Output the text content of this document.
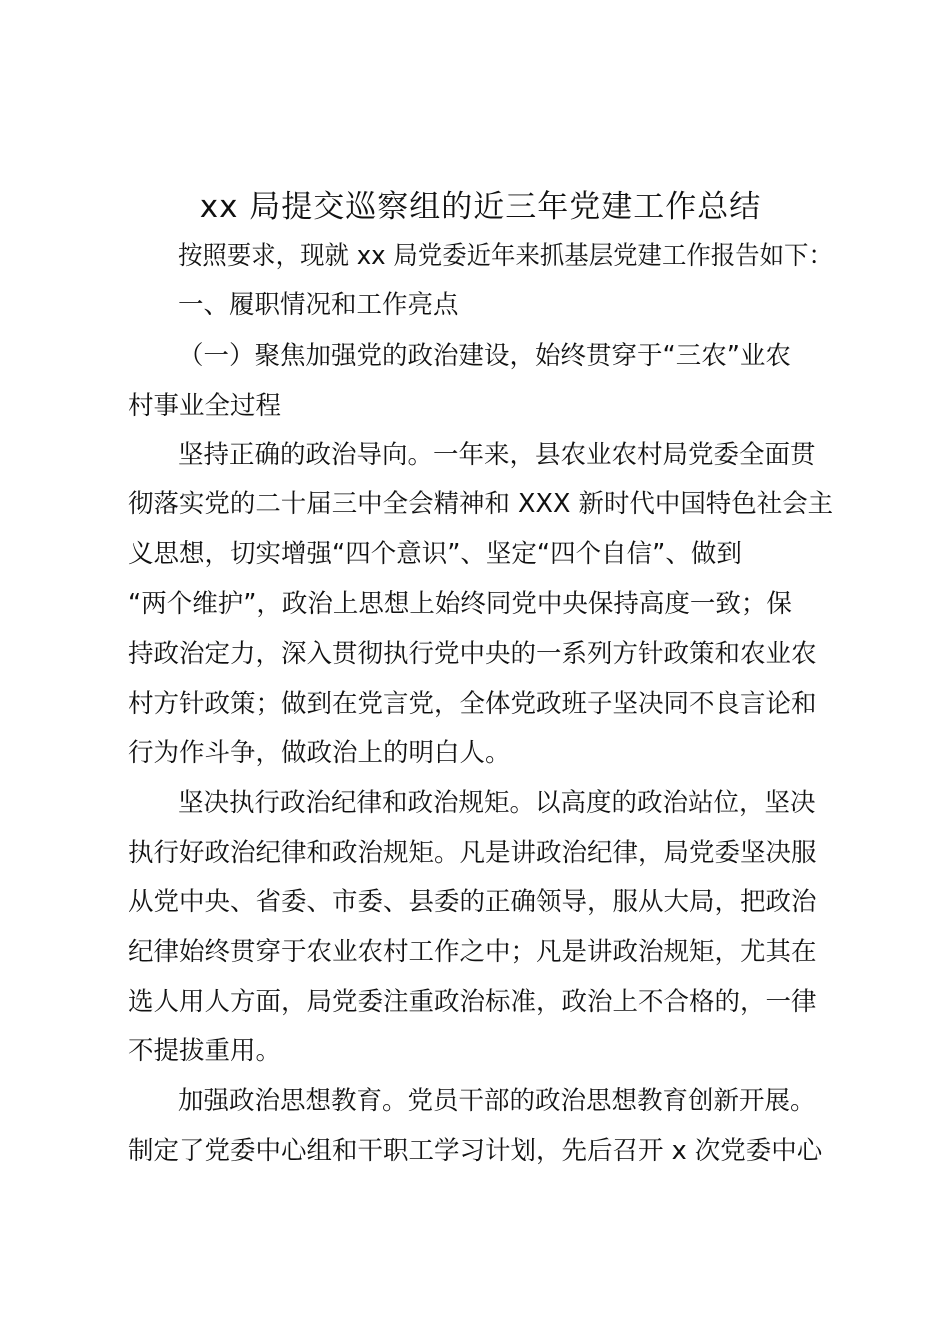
xx 局提交巡察组的近三年党建工作总结
按照要求，现就 xx 局党委近年来抓基层党建工作报告如下：
一、履职情况和工作亮点
（一）聚焦加强党的政治建设，始终贯穿于“三农”业农
村事业全过程
坚持正确的政治导向。一年来，县农业农村局党委全面贯
彻落实党的二十届三中全会精神和 XXX 新时代中国特色社会主
义思想，切实增强“四个意识”、坚定“四个自信”、做到
“两个维护”，政治上思想上始终同党中央保持高度一致；保
持政治定力，深入贯彻执行党中央的一系列方针政策和农业农
村方针政策；做到在党言党，全体党政班子坚决同不良言论和
行为作斗争，做政治上的明白人。
坚决执行政治纪律和政治规矩。以高度的政治站位，坚决
执行好政治纪律和政治规矩。凡是讲政治纪律，局党委坚决服
从党中央、省委、市委、县委的正确领导，服从大局，把政治
纪律始终贯穿于农业农村工作之中；凡是讲政治规矩，尤其在
选人用人方面，局党委注重政治标准，政治上不合格的，一律
不提拔重用。
加强政治思想教育。党员干部的政治思想教育创新开展。
制定了党委中心组和干职工学习计划，先后召开 x 次党委中心
